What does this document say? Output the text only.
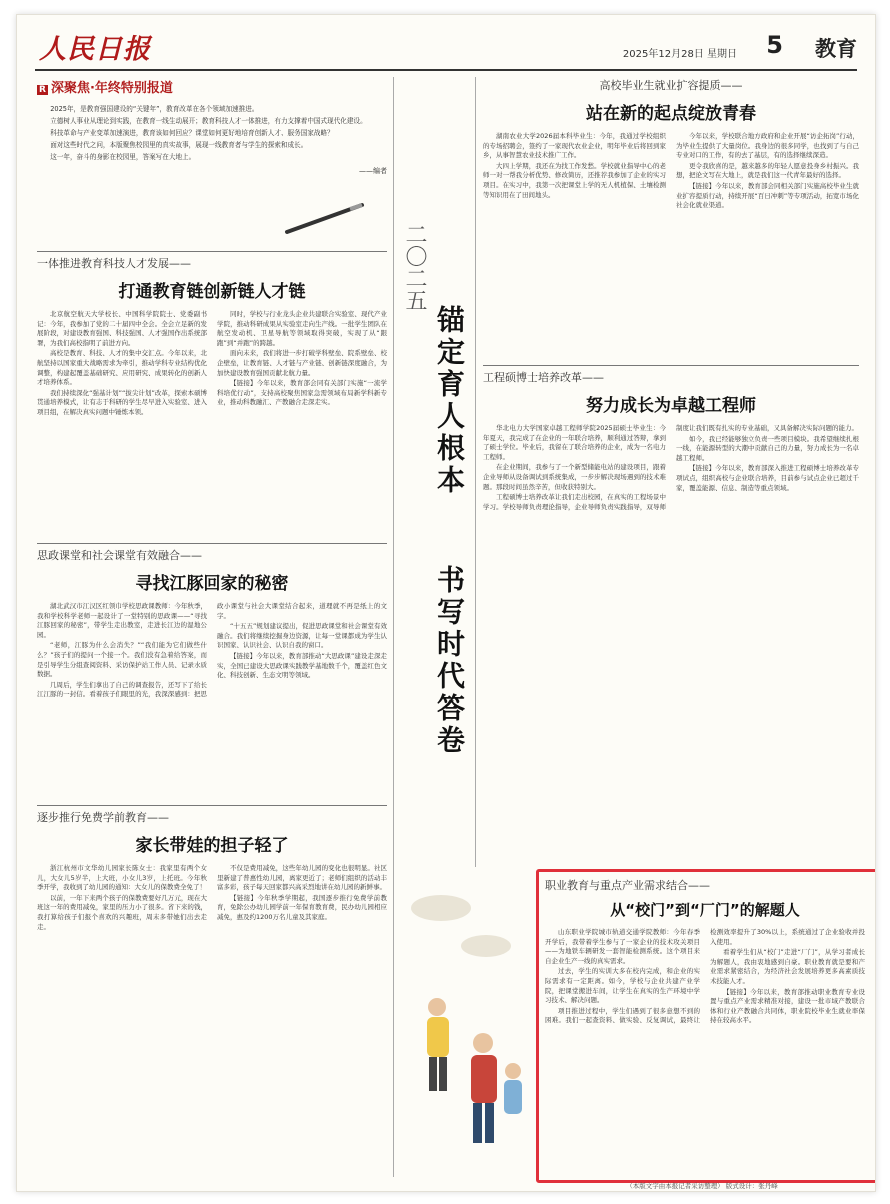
人民日报	2025年12月28日 星期日 5 教育
R 深聚焦·年终特别报道

2025年，是教育强国建设的“关键年”，教育改革在各个领域加速推进。

立德树人事业从理论到实践，在教育一线生动展开；教育科技人才一体推进，有力支撑着中国式现代化建设。

科技革命与产业变革加速演进，教育该如何回应？课堂如何更好地培育创新人才、服务国家战略？

面对这些时代之问，本版聚焦校园里的真实故事，展现一线教育者与学生的探索和成长。

这一年，奋斗的身影在校园里，答案写在大地上。

——编者
二〇二五
锚定育人根本
书写时代答卷
一体推进教育科技人才发展——
打通教育链创新链人才链

北京航空航天大学校长、中国科学院院士、党委副书记：今年，我参加了党的二十届四中全会。全会立足新的发展阶段，对建设教育强国、科技强国、人才强国作出系统部署，为我们高校指明了前进方向。

高校是教育、科技、人才的集中交汇点。今年以来，北航坚持以国家重大战略需求为牵引，推动学科专业结构优化调整，构建起覆盖基础研究、应用研究、成果转化的创新人才培养体系。

我们持续深化“强基计划”“拔尖计划”改革，探索本硕博贯通培养模式，让有志于科研的学生尽早进入实验室、进入项目组，在解决真实问题中锤炼本领。

同时，学校与行业龙头企业共建联合实验室、现代产业学院，推动科研成果从实验室走向生产线。一批学生团队在航空发动机、卫星导航等领域取得突破，实现了从“跟跑”到“并跑”的跨越。

面向未来，我们将进一步打破学科壁垒、院系壁垒、校企壁垒，让教育链、人才链与产业链、创新链深度融合，为加快建设教育强国贡献北航力量。

【链接】今年以来，教育部会同有关部门实施“一流学科培优行动”，支持高校聚焦国家急需领域布局新学科新专业，推动科教融汇、产教融合走深走实。

思政课堂和社会课堂有效融合——
寻找江豚回家的秘密

湖北武汉市江汉区红领巾学校思政课教师：今年秋季，我和学校科学老师一起设计了一堂特别的思政课——“寻找江豚回家的秘密”，带学生走出教室，走进长江边的湿地公园。

“老师，江豚为什么会消失？”“我们能为它们做些什么？”孩子们的提问一个接一个。我们没有急着给答案，而是引导学生分组查阅资料、采访保护站工作人员、记录水质数据。

几周后，学生们拿出了自己的调查报告，还写下了给长江江豚的一封信。看着孩子们眼里的光，我深深感到：把思政小课堂与社会大课堂结合起来，道理就不再是纸上的文字。

“十五五”规划建议提出，促进思政课堂和社会课堂有效融合。我们将继续挖掘身边资源，让每一堂课都成为学生认识国家、认识社会、认识自我的窗口。

【链接】今年以来，教育部推动“大思政课”建设走深走实，全国已建设大思政课实践教学基地数千个，覆盖红色文化、科技创新、生态文明等领域。

逐步推行免费学前教育——
家长带娃的担子轻了

浙江杭州市文华幼儿园家长陈女士：我家里有两个女儿，大女儿5岁半，上大班，小女儿3岁，上托班。今年秋季开学，我收到了幼儿园的通知：大女儿的保教费全免了！

以前，一年下来两个孩子的保教费要好几万元，现在大班这一年的费用减免，家里的压力小了很多。省下来的钱，我打算给孩子们报个喜欢的兴趣班，周末多带她们出去走走。

不仅是费用减免，这些年幼儿园的变化也很明显。社区里新建了普惠性幼儿园，离家更近了；老师们组织的活动丰富多彩，孩子每天回家都兴高采烈地讲在幼儿园的新鲜事。

【链接】今年秋季学期起，我国逐步推行免费学前教育，免除公办幼儿园学前一年保育教育费，民办幼儿园相应减免，惠及约1200万名儿童及其家庭。

高校毕业生就业扩容提质——
站在新的起点绽放青春

湖南农业大学2026届本科毕业生：今年，我通过学校组织的专场招聘会，签约了一家现代农业企业，明年毕业后将回到家乡，从事智慧农业技术推广工作。

大四上学期，我还在为找工作发愁。学校就业指导中心的老师一对一帮我分析优势、修改简历，还推荐我参加了企业的实习项目。在实习中，我第一次把课堂上学的无人机植保、土壤检测等知识用在了田间地头。

今年以来，学校联合地方政府和企业开展“访企拓岗”行动，为毕业生提供了大量岗位。我身边的很多同学，也找到了与自己专业对口的工作，有的去了基层，有的选择继续深造。

更令我欣喜的是，越来越多的年轻人愿意投身乡村振兴。我想，把论文写在大地上，就是我们这一代青年最好的选择。

【链接】今年以来，教育部会同相关部门实施高校毕业生就业扩容提质行动，持续开展“百日冲刺”等专项活动，拓宽市场化社会化就业渠道。

工程硕博士培养改革——
努力成长为卓越工程师

华北电力大学国家卓越工程师学院2025届硕士毕业生：今年夏天，我完成了在企业的一年联合培养，顺利通过答辩，拿到了硕士学位。毕业后，我留在了联合培养的企业，成为一名电力工程师。

在企业期间，我参与了一个新型储能电站的建设项目，跟着企业导师从设备调试到系统集成，一步步解决现场遇到的技术难题。那段时间虽然辛苦，但收获特别大。

工程硕博士培养改革让我们走出校园，在真实的工程场景中学习。学校导师负责理论指导，企业导师负责实践指导，双导师制度让我们既有扎实的专业基础，又具备解决实际问题的能力。

如今，我已经能够独立负责一些项目模块。我希望继续扎根一线，在能源转型的大潮中贡献自己的力量，努力成长为一名卓越工程师。

【链接】今年以来，教育部深入推进工程硕博士培养改革专项试点，组织高校与企业联合培养，目前参与试点企业已超过千家，覆盖能源、信息、制造等重点领域。

职业教育与重点产业需求结合——
从“校门”到“厂门”的解题人

山东职业学院城市轨道交通学院教师：今年春季开学后，我带着学生参与了一家企业的技术攻关项目——为地铁车辆研发一套智能检测系统。这个项目来自企业生产一线的真实需求。

过去，学生的实训大多在校内完成，和企业的实际需求有一定距离。如今，学校与企业共建产业学院，把课堂搬进车间，让学生在真实的生产环境中学习技术、解决问题。

项目推进过程中，学生们遇到了很多意想不到的困难。我们一起查资料、做实验、反复调试，最终让检测效率提升了30%以上，系统通过了企业验收并投入使用。

看着学生们从“校门”走进“厂门”，从学习者成长为解题人，我由衷地感到自豪。职业教育就是要和产业需求紧密结合，为经济社会发展培养更多高素质技术技能人才。

【链接】今年以来，教育部推动职业教育专业设置与重点产业需求精准对接，建设一批市域产教联合体和行业产教融合共同体，职业院校毕业生就业率保持在较高水平。

（本版文字由本报记者采访整理） 版式设计：张丹峰
